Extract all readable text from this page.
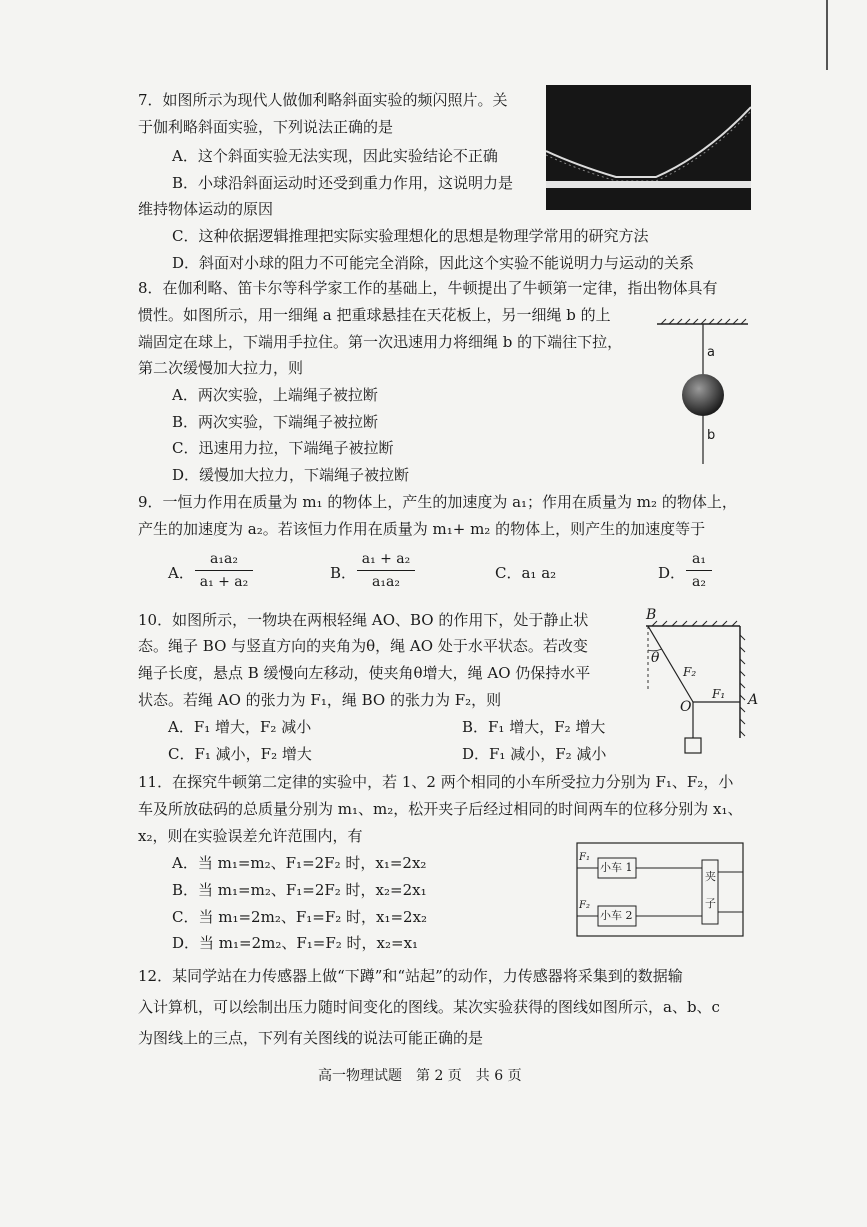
7．如图所示为现代人做伽利略斜面实验的频闪照片。关
于伽利略斜面实验，下列说法正确的是
A．这个斜面实验无法实现，因此实验结论不正确
B．小球沿斜面运动时还受到重力作用，这说明力是
维持物体运动的原因
C．这种依据逻辑推理把实际实验理想化的思想是物理学常用的研究方法
D．斜面对小球的阻力不可能完全消除，因此这个实验不能说明力与运动的关系
8．在伽利略、笛卡尔等科学家工作的基础上，牛顿提出了牛顿第一定律，指出物体具有
惯性。如图所示，用一细绳 a 把重球悬挂在天花板上，另一细绳 b 的上
端固定在球上，下端用手拉住。第一次迅速用力将细绳 b 的下端往下拉，
第二次缓慢加大拉力，则
A．两次实验，上端绳子被拉断
B．两次实验，下端绳子被拉断
C．迅速用力拉，下端绳子被拉断
D．缓慢加大拉力，下端绳子被拉断
a
b
9．一恒力作用在质量为 m₁ 的物体上，产生的加速度为 a₁；作用在质量为 m₂ 的物体上，
产生的加速度为 a₂。若该恒力作用在质量为 m₁+ m₂ 的物体上，则产生的加速度等于
A．
a₁a₂
a₁ + a₂	B．
a₁ + a₂
a₁a₂	C．a₁ a₂	D．
a₁
a₂
10．如图所示，一物块在两根轻绳 AO、BO 的作用下，处于静止状
态。绳子 BO 与竖直方向的夹角为θ，绳 AO 处于水平状态。若改变
绳子长度，悬点 B 缓慢向左移动，使夹角θ增大，绳 AO 仍保持水平
状态。若绳 AO 的张力为 F₁，绳 BO 的张力为 F₂，则
A．F₁ 增大，F₂ 减小	B．F₁ 增大，F₂ 增大
C．F₁ 减小，F₂ 增大	D．F₁ 减小，F₂ 减小
B
θ
F₂
F₁
O	A
11．在探究牛顿第二定律的实验中，若 1、2 两个相同的小车所受拉力分别为 F₁、F₂，小
车及所放砝码的总质量分别为 m₁、m₂，松开夹子后经过相同的时间两车的位移分别为 x₁、
x₂，则在实验误差允许范围内，有
A．当 m₁=m₂、F₁=2F₂ 时，x₁=2x₂
B．当 m₁=m₂、F₁=2F₂ 时，x₂=2x₁
C．当 m₁=2m₂、F₁=F₂ 时，x₁=2x₂
D．当 m₁=2m₂、F₁=F₂ 时，x₂=x₁
F₁
F₂
小车 1
小车 2
夹
子
12．某同学站在力传感器上做“下蹲”和“站起”的动作，力传感器将采集到的数据输
入计算机，可以绘制出压力随时间变化的图线。某次实验获得的图线如图所示，a、b、c
为图线上的三点，下列有关图线的说法可能正确的是
高一物理试题　第 2 页　共 6 页
